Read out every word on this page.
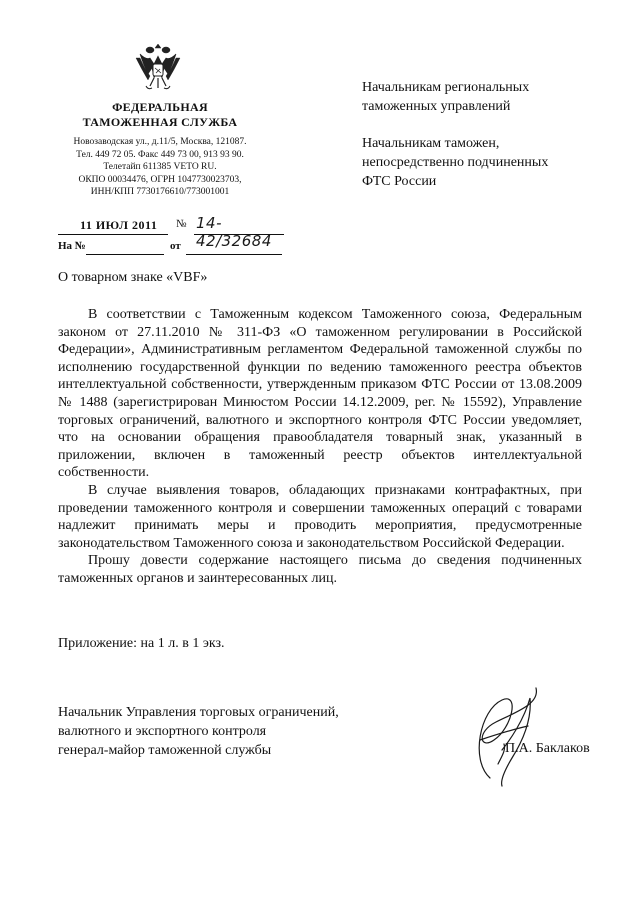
ФЕДЕРАЛЬНАЯ
ТАМОЖЕННАЯ СЛУЖБА
Новозаводская ул., д.11/5, Москва, 121087.
Тел. 449 72 05. Факс 449 73 00, 913 93 90.
Телетайп 611385 VETO RU.
ОКПО 00034476, ОГРН 1047730023703,
ИНН/КПП 7730176610/773001001
11 ИЮЛ 2011	№ 14-42/32684
На №	от
Начальникам региональных
таможенных управлений
Начальникам таможен,
непосредственно подчиненных
ФТС России
О товарном знаке «VBF»

В соответствии с Таможенным кодексом Таможенного союза, Федеральным законом от 27.11.2010 № 311-ФЗ «О таможенном регулировании в Российской Федерации», Административным регламентом Федеральной таможенной службы по исполнению государственной функции по ведению таможенного реестра объектов интеллектуальной собственности, утвержденным приказом ФТС России от 13.08.2009 № 1488 (зарегистрирован Минюстом России 14.12.2009, рег. № 15592), Управление торговых ограничений, валютного и экспортного контроля ФТС России уведомляет, что на основании обращения правообладателя товарный знак, указанный в приложении, включен в таможенный реестр объектов интеллектуальной собственности.

В случае выявления товаров, обладающих признаками контрафактных, при проведении таможенного контроля и совершении таможенных операций с товарами надлежит принимать меры и проводить мероприятия, предусмотренные законодательством Таможенного союза и законодательством Российской Федерации.

Прошу довести содержание настоящего письма до сведения подчиненных таможенных органов и заинтересованных лиц.

Приложение: на 1 л. в 1 экз.
Начальник Управления торговых ограничений,
валютного и экспортного контроля
генерал-майор таможенной службы	П.А. Баклаков
